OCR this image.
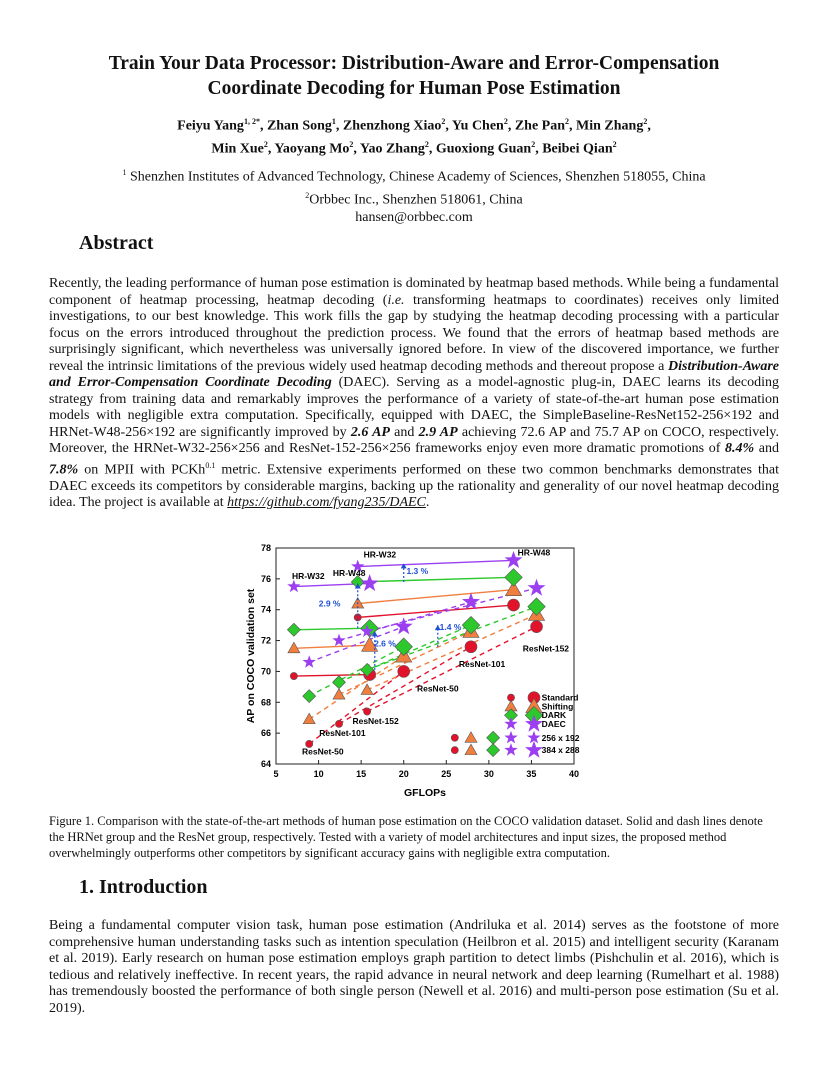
Train Your Data Processor: Distribution-Aware and Error-Compensation
Coordinate Decoding for Human Pose Estimation
Feiyu Yang$^{1, 2*}$, Zhan Song$^1$, Zhenzhong Xiao$^2$, Yu Chen$^2$, Zhe Pan$^2$, Min Zhang$^2$,
Min Xue$^2$, Yaoyang Mo$^2$, Yao Zhang$^2$, Guoxiong Guan$^2$, Beibei Qian$^2$
$^1$ Shenzhen Institutes of Advanced Technology, Chinese Academy of Sciences, Shenzhen 518055, China
$^2$Orbbec Inc., Shenzhen 518061, China
hansen@orbbec.com
Abstract

Recently, the leading performance of human pose estimation is dominated by heatmap based methods. While being a fundamental component of heatmap processing, heatmap decoding (i.e. transforming heatmaps to coordinates) receives only limited investigations, to our best knowledge. This work fills the gap by studying the heatmap decoding processing with a particular focus on the errors introduced throughout the prediction process. We found that the errors of heatmap based methods are surprisingly significant, which nevertheless was universally ignored before. In view of the discovered importance, we further reveal the intrinsic limitations of the previous widely used heatmap decoding methods and thereout propose a Distribution-Aware and Error-Compensation Coordinate Decoding (DAEC). Serving as a model-agnostic plug-in, DAEC learns its decoding strategy from training data and remarkably improves the performance of a variety of state-of-the-art human pose estimation models with negligible extra computation. Specifically, equipped with DAEC, the SimpleBaseline-ResNet152-256×192 and HRNet-W48-256×192 are significantly improved by 2.6 AP and 2.9 AP achieving 72.6 AP and 75.7 AP on COCO, respectively. Moreover, the HRNet-W32-256×256 and ResNet-152-256×256 frameworks enjoy even more dramatic promotions of 8.4% and 7.8% on MPII with PCKh$^{0.1}$ metric. Extensive experiments performed on these two common benchmarks demonstrates that DAEC exceeds its competitors by considerable margins, backing up the rationality and generality of our novel heatmap decoding idea. The project is available at https://github.com/fyang235/DAEC.

5	10	15	20	25	30	35	40
64
66
68
70
72
74
76
78
GFLOPs
AP on COCO validation set	2.9 %
2.6 %
1.3 %
1.4 %
HR-W32 HR-W48
HR-W32	HR-W48
ResNet-50
ResNet-101
ResNet-152
ResNet-50
ResNet-101
ResNet-152
Standard
Shifting
DARK
DAEC
256 x 192
384 x 288
Figure 1. Comparison with the state-of-the-art methods of human pose estimation on the COCO validation dataset. Solid and dash lines denote the HRNet group and the ResNet group, respectively. Tested with a variety of model architectures and input sizes, the proposed method overwhelmingly outperforms other competitors by significant accuracy gains with negligible extra computation.
1. Introduction

Being a fundamental computer vision task, human pose estimation (Andriluka et al. 2014) serves as the footstone of more comprehensive human understanding tasks such as intention speculation (Heilbron et al. 2015) and intelligent security (Karanam et al. 2019). Early research on human pose estimation employs graph partition to detect limbs (Pishchulin et al. 2016), which is tedious and relatively ineffective. In recent years, the rapid advance in neural network and deep learning (Rumelhart et al. 1988) has tremendously boosted the performance of both single person (Newell et al. 2016) and multi-person pose estimation (Su et al. 2019).
